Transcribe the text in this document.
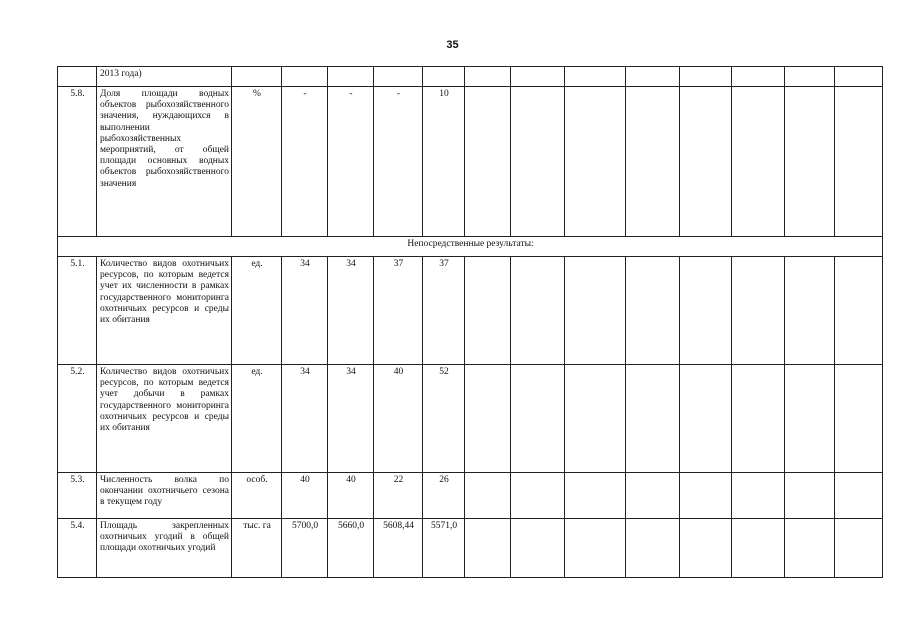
35
	2013 года)													
5.8.	Доля площади водных объектов рыбохозяйственного значения, нуждающихся в выполнении рыбохозяйственных мероприятий, от общей площади основных водных объектов рыбохозяйственного значения	%	-	-	-	10								
Непосредственные результаты:														
5.1.	Количество видов охотничьих ресурсов, по которым ведется учет их численности в рамках государственного мониторинга охотничьих ресурсов и среды их обитания	ед.	34	34	37	37								
5.2.	Количество видов охотничьих ресурсов, по которым ведется учет добычи в рамках государственного мониторинга охотничьих ресурсов и среды их обитания	ед.	34	34	40	52								
5.3.	Численность волка по окончании охотничьего сезона в текущем году	особ.	40	40	22	26								
5.4.	Площадь закрепленных охотничьих угодий в общей площади охотничьих угодий	тыс. га	5700,0	5660,0	5608,44	5571,0								
